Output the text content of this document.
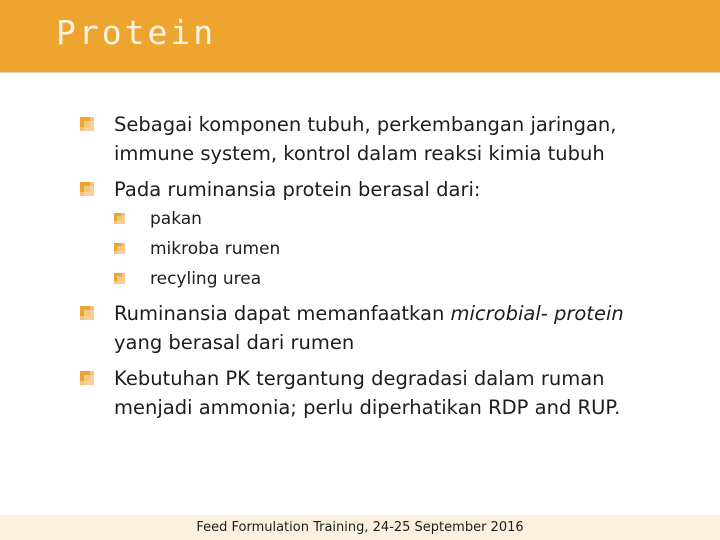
Protein
Sebagai komponen tubuh, perkembangan jaringan,
immune system, kontrol dalam reaksi kimia tubuh
Pada ruminansia protein berasal dari:
pakan
mikroba rumen
recyling urea
Ruminansia dapat memanfaatkan microbial- protein
yang berasal dari rumen
Kebutuhan PK tergantung degradasi dalam ruman
menjadi ammonia; perlu diperhatikan RDP and RUP.
Feed Formulation Training, 24-25 September 2016
